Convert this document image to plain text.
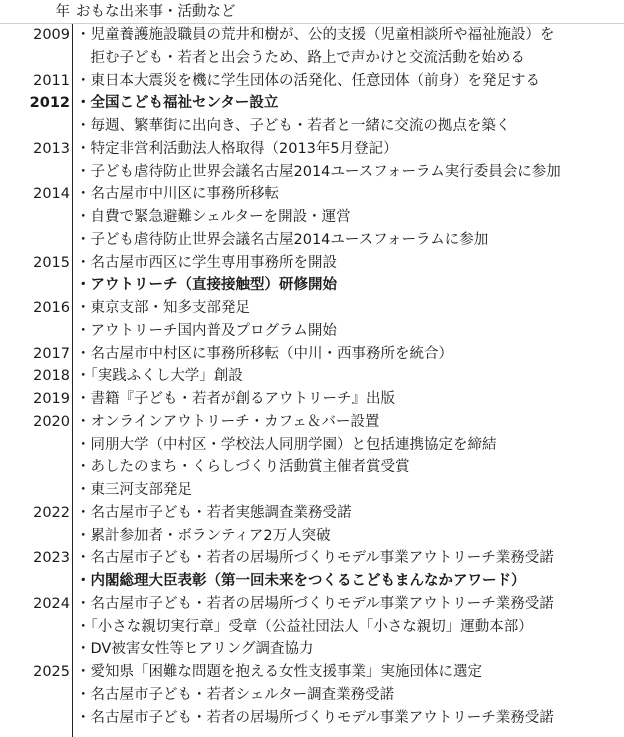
年 おもな出来事・活動など
2009 ・児童養護施設職員の荒井和樹が、公的支援（児童相談所や福祉施設）を
　拒む子ども・若者と出会うため、路上で声かけと交流活動を始める
2011 ・東日本大震災を機に学生団体の活発化、任意団体（前身）を発足する
2012 ・全国こども福祉センター設立
・毎週、繁華街に出向き、子ども・若者と一緒に交流の拠点を築く
2013 ・特定非営利活動法人格取得（2013年5月登記）
・子ども虐待防止世界会議名古屋2014ユースフォーラム実行委員会に参加
2014 ・名古屋市中川区に事務所移転
・自費で緊急避難シェルターを開設・運営
・子ども虐待防止世界会議名古屋2014ユースフォーラムに参加
2015 ・名古屋市西区に学生専用事務所を開設
・アウトリーチ（直接接触型）研修開始
2016 ・東京支部・知多支部発足
・アウトリーチ国内普及プログラム開始
2017 ・名古屋市中村区に事務所移転（中川・西事務所を統合）
2018 ・「実践ふくし大学」創設
2019 ・書籍『子ども・若者が創るアウトリーチ』出版
2020 ・オンラインアウトリーチ・カフェ＆バー設置
・同朋大学（中村区・学校法人同朋学園）と包括連携協定を締結
・あしたのまち・くらしづくり活動賞主催者賞受賞
・東三河支部発足
2022 ・名古屋市子ども・若者実態調査業務受諾
・累計参加者・ボランティア2万人突破
2023 ・名古屋市子ども・若者の居場所づくりモデル事業アウトリーチ業務受諾
・内閣総理大臣表彰（第一回未来をつくるこどもまんなかアワード）
2024 ・名古屋市子ども・若者の居場所づくりモデル事業アウトリーチ業務受諾
・「小さな親切実行章」受章（公益社団法人「小さな親切」運動本部）
・DV被害女性等ヒアリング調査協力
2025 ・愛知県「困難な問題を抱える女性支援事業」実施団体に選定
・名古屋市子ども・若者シェルター調査業務受諾
・名古屋市子ども・若者の居場所づくりモデル事業アウトリーチ業務受諾
